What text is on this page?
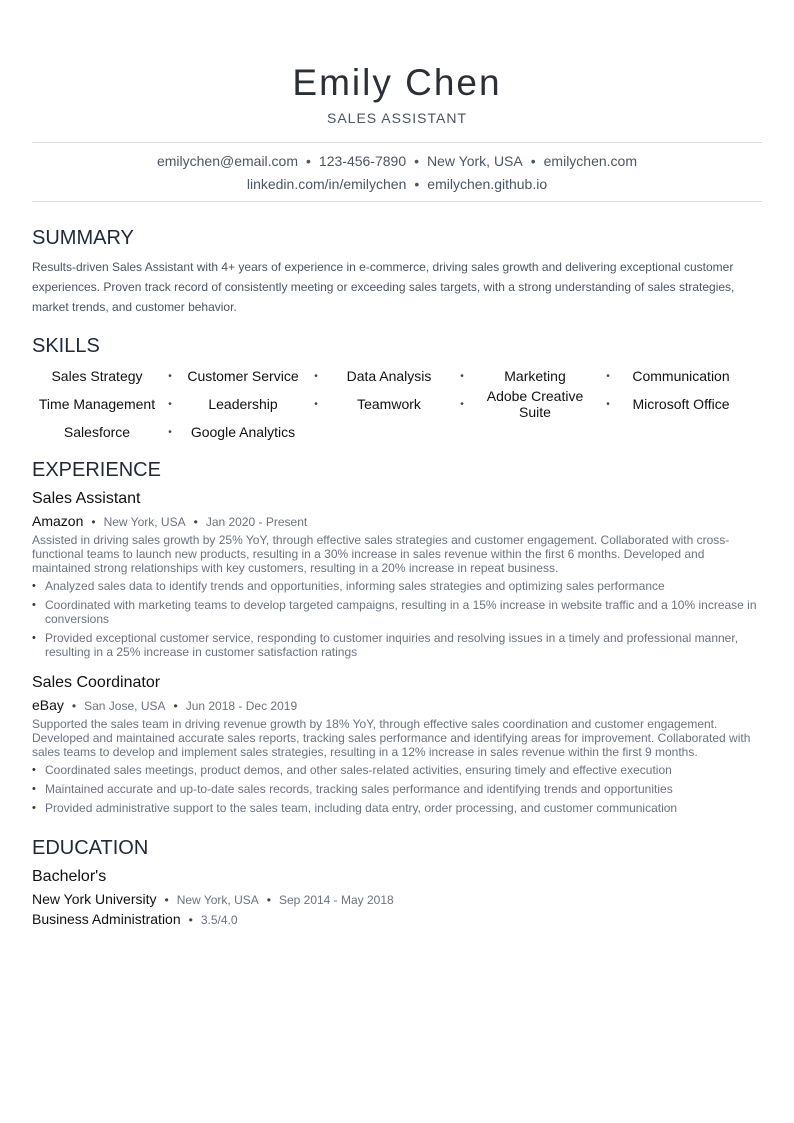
Emily Chen
SALES ASSISTANT
emilychen@email.com • 123-456-7890 • New York, USA • emilychen.com
linkedin.com/in/emilychen • emilychen.github.io
SUMMARY
Results-driven Sales Assistant with 4+ years of experience in e-commerce, driving sales growth and delivering exceptional customer experiences. Proven track record of consistently meeting or exceeding sales targets, with a strong understanding of sales strategies, market trends, and customer behavior.
SKILLS
Sales Strategy	•	Customer Service	•	Data Analysis	•	Marketing	•	Communication
Time Management	•	Leadership	•	Teamwork	•	Adobe Creative Suite	•	Microsoft Office
Salesforce	•	Google Analytics
EXPERIENCE
Sales Assistant
Amazon • New York, USA • Jan 2020 - Present
Assisted in driving sales growth by 25% YoY, through effective sales strategies and customer engagement. Collaborated with cross-functional teams to launch new products, resulting in a 30% increase in sales revenue within the first 6 months. Developed and maintained strong relationships with key customers, resulting in a 20% increase in repeat business.
• Analyzed sales data to identify trends and opportunities, informing sales strategies and optimizing sales performance
• Coordinated with marketing teams to develop targeted campaigns, resulting in a 15% increase in website traffic and a 10% increase in conversions
• Provided exceptional customer service, responding to customer inquiries and resolving issues in a timely and professional manner, resulting in a 25% increase in customer satisfaction ratings
Sales Coordinator
eBay • San Jose, USA • Jun 2018 - Dec 2019
Supported the sales team in driving revenue growth by 18% YoY, through effective sales coordination and customer engagement. Developed and maintained accurate sales reports, tracking sales performance and identifying areas for improvement. Collaborated with sales teams to develop and implement sales strategies, resulting in a 12% increase in sales revenue within the first 9 months.
• Coordinated sales meetings, product demos, and other sales-related activities, ensuring timely and effective execution
• Maintained accurate and up-to-date sales records, tracking sales performance and identifying trends and opportunities
• Provided administrative support to the sales team, including data entry, order processing, and customer communication
EDUCATION
Bachelor's
New York University • New York, USA • Sep 2014 - May 2018
Business Administration • 3.5/4.0
